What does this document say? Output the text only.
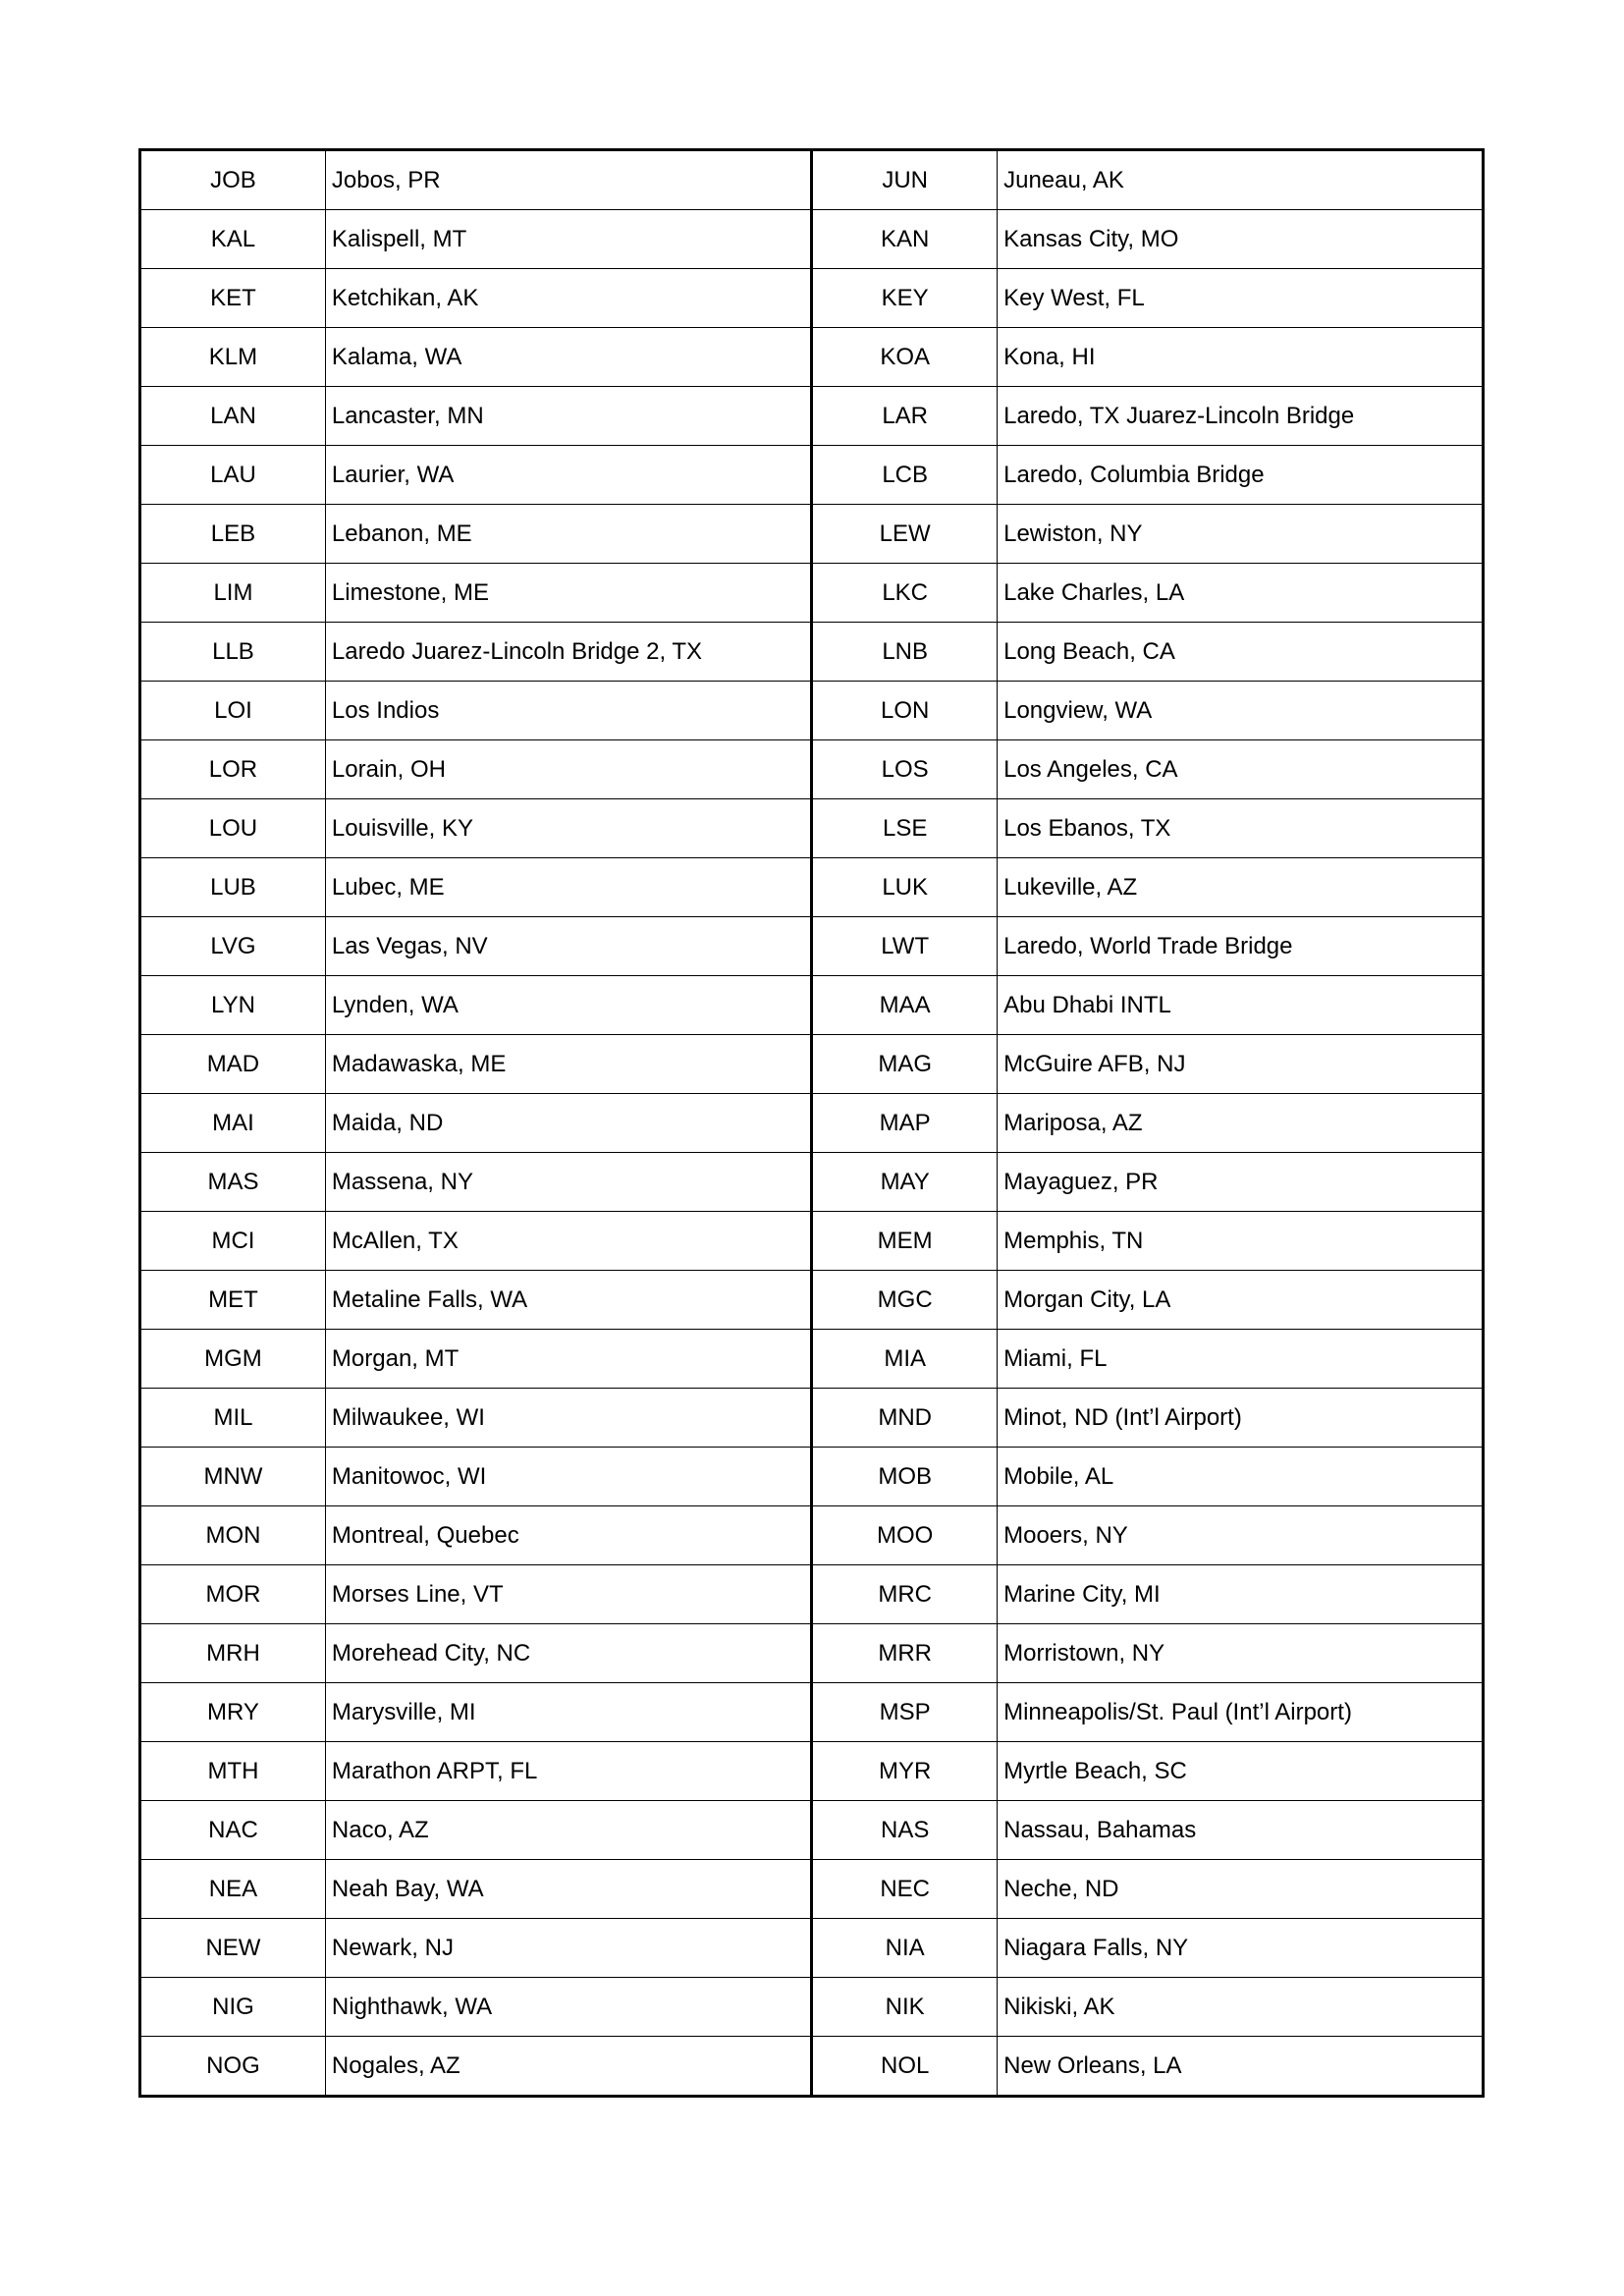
JOB	Jobos, PR	JUN	Juneau, AK
KAL	Kalispell, MT	KAN	Kansas City, MO
KET	Ketchikan, AK	KEY	Key West, FL
KLM	Kalama, WA	KOA	Kona, HI
LAN	Lancaster, MN	LAR	Laredo, TX Juarez-Lincoln Bridge
LAU	Laurier, WA	LCB	Laredo, Columbia Bridge
LEB	Lebanon, ME	LEW	Lewiston, NY
LIM	Limestone, ME	LKC	Lake Charles, LA
LLB	Laredo Juarez-Lincoln Bridge 2, TX	LNB	Long Beach, CA
LOI	Los Indios	LON	Longview, WA
LOR	Lorain, OH	LOS	Los Angeles, CA
LOU	Louisville, KY	LSE	Los Ebanos, TX
LUB	Lubec, ME	LUK	Lukeville, AZ
LVG	Las Vegas, NV	LWT	Laredo, World Trade Bridge
LYN	Lynden, WA	MAA	Abu Dhabi INTL
MAD	Madawaska, ME	MAG	McGuire AFB, NJ
MAI	Maida, ND	MAP	Mariposa, AZ
MAS	Massena, NY	MAY	Mayaguez, PR
MCI	McAllen, TX	MEM	Memphis, TN
MET	Metaline Falls, WA	MGC	Morgan City, LA
MGM	Morgan, MT	MIA	Miami, FL
MIL	Milwaukee, WI	MND	Minot, ND (Int’l Airport)
MNW	Manitowoc, WI	MOB	Mobile, AL
MON	Montreal, Quebec	MOO	Mooers, NY
MOR	Morses Line, VT	MRC	Marine City, MI
MRH	Morehead City, NC	MRR	Morristown, NY
MRY	Marysville, MI	MSP	Minneapolis/St. Paul (Int’l Airport)
MTH	Marathon ARPT, FL	MYR	Myrtle Beach, SC
NAC	Naco, AZ	NAS	Nassau, Bahamas
NEA	Neah Bay, WA	NEC	Neche, ND
NEW	Newark, NJ	NIA	Niagara Falls, NY
NIG	Nighthawk, WA	NIK	Nikiski, AK
NOG	Nogales, AZ	NOL	New Orleans, LA
